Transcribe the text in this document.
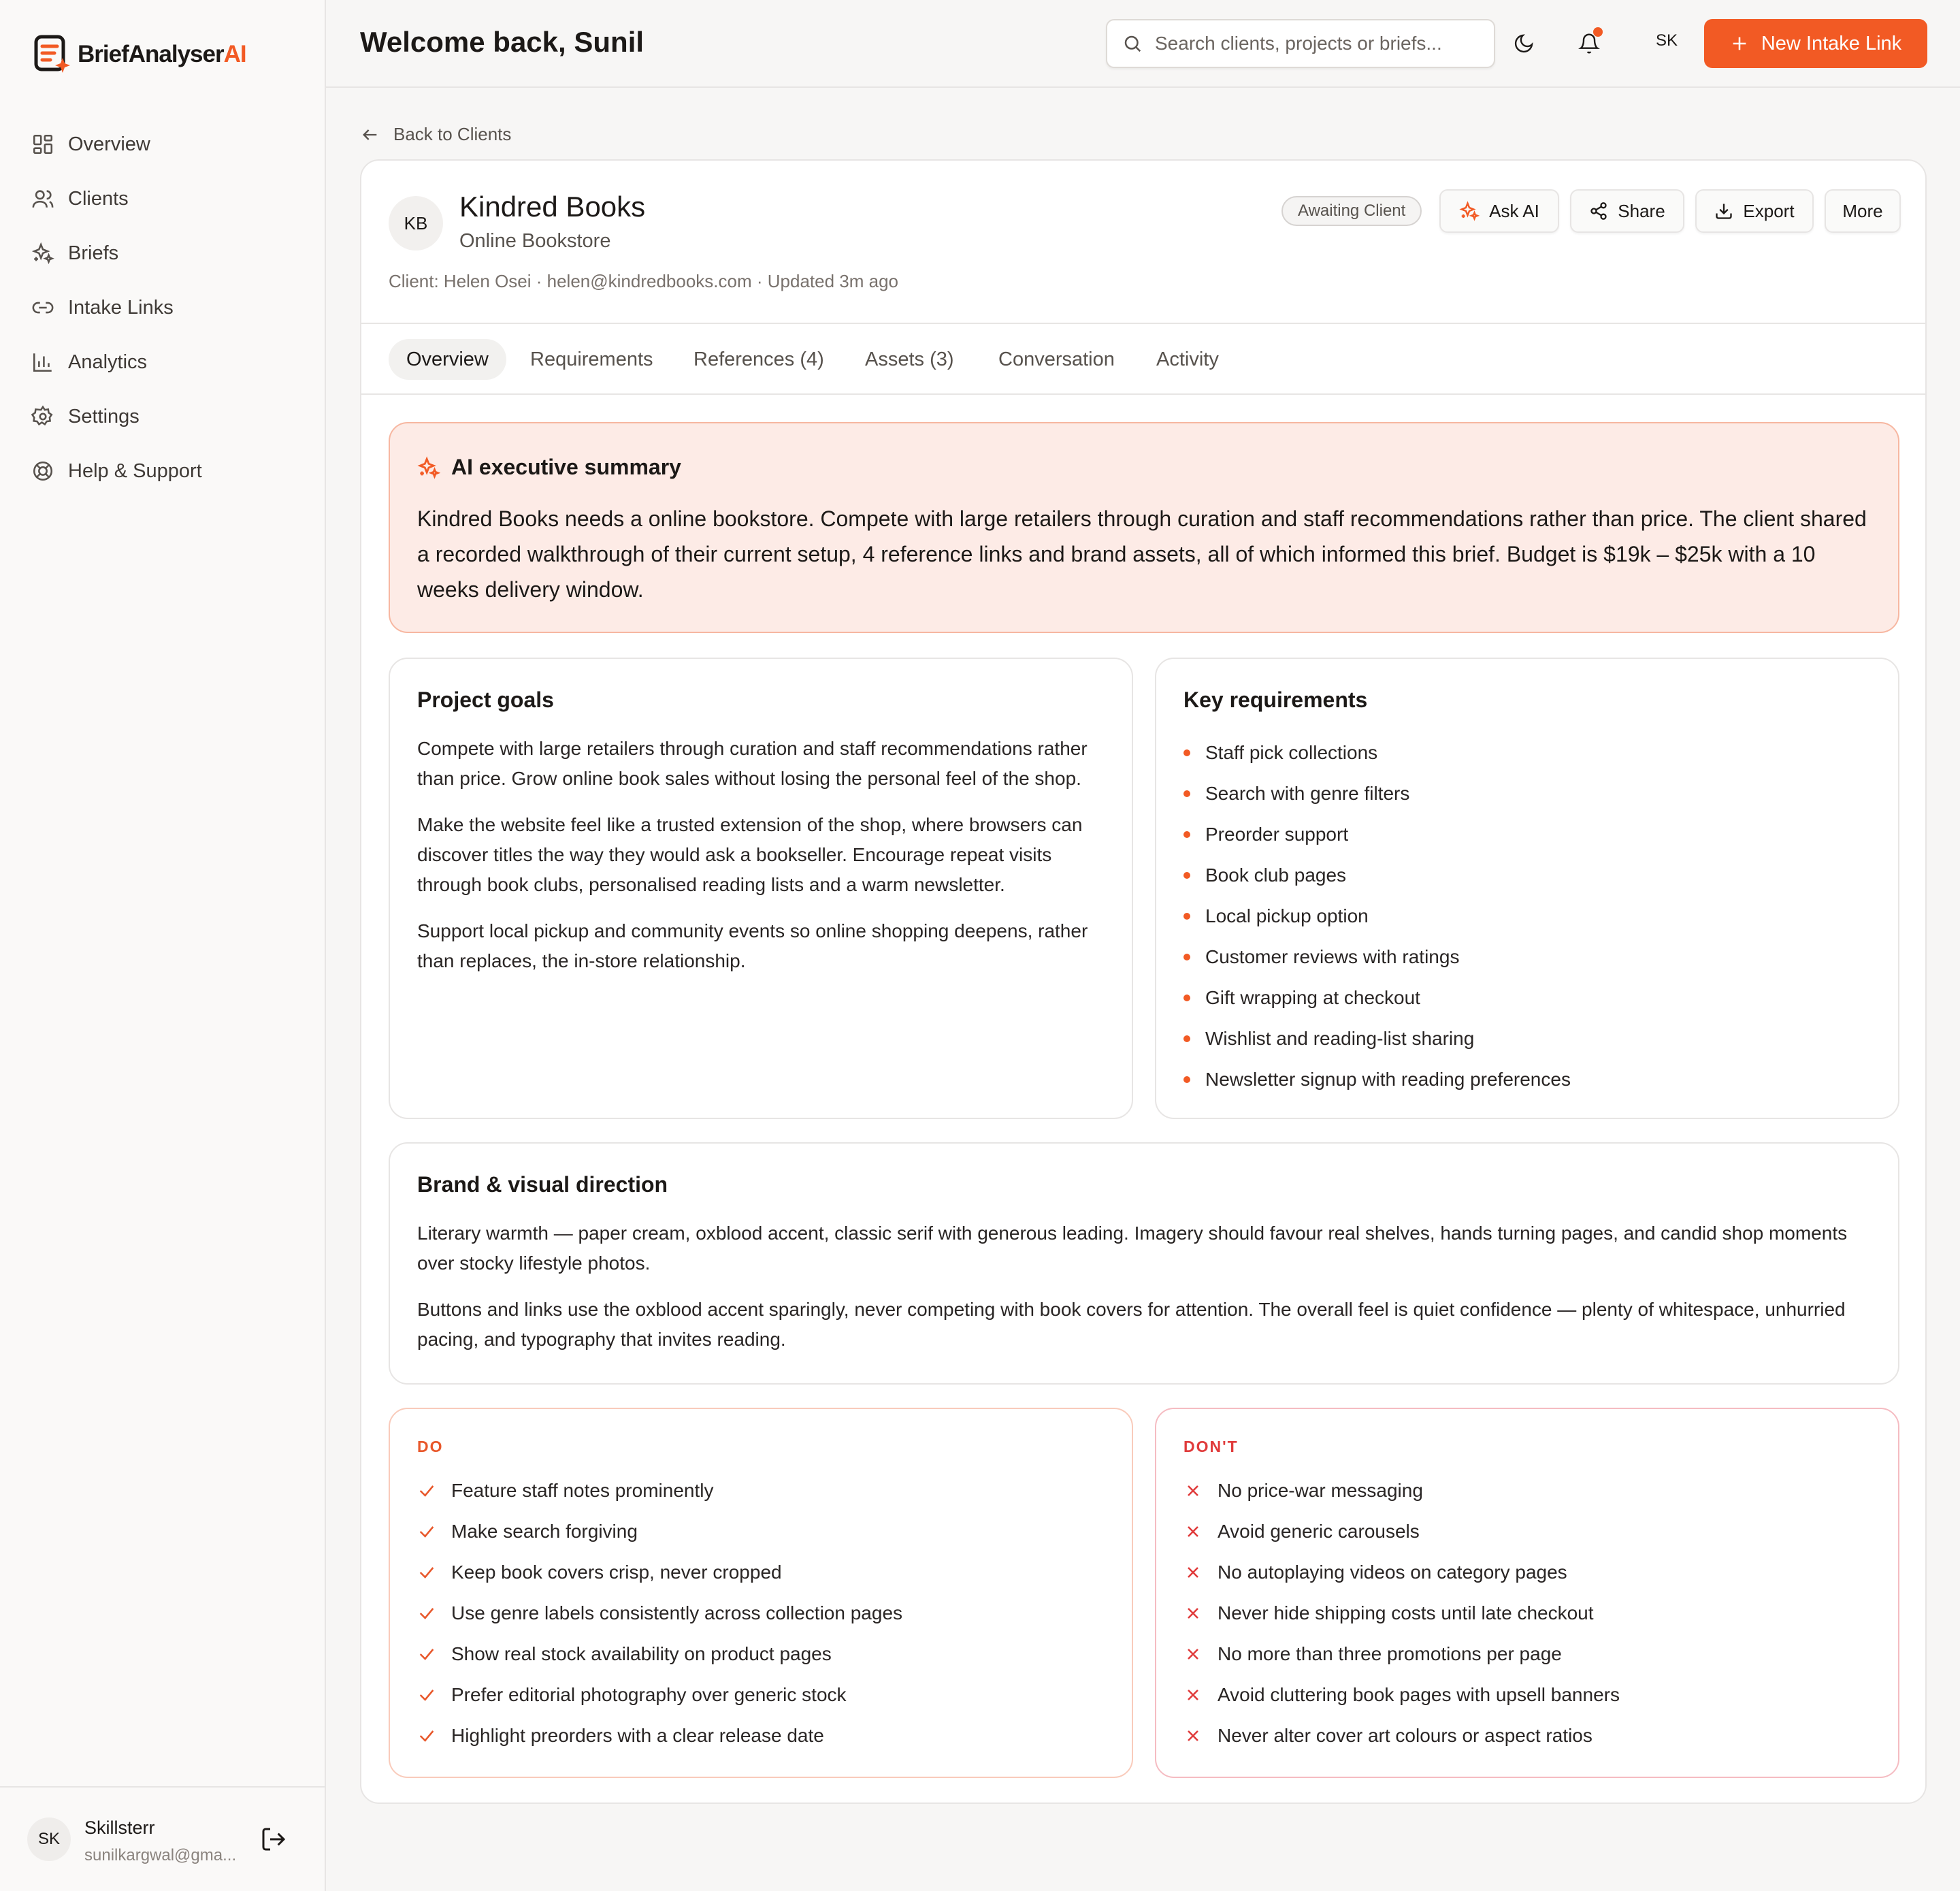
BriefAnalyserAI
Overview
Clients
Briefs
Intake Links
Analytics
Settings
Help & Support
SK
Skillsterr
sunilkargwal@gma...
Welcome back, Sunil
Search clients, projects or briefs...	SK	New Intake Link
Back to Clients
KB
Kindred Books
Online Bookstore
Client: Helen Osei · helen@kindredbooks.com · Updated 3m ago
Awaiting Client	Ask AI	Share	Export	More
Overview	Requirements References (4) Assets (3) Conversation Activity
AI executive summary

Kindred Books needs a online bookstore. Compete with large retailers through curation and staff recommendations rather than price. The client shared a recorded walkthrough of their current setup, 4 reference links and brand assets, all of which informed this brief. Budget is $19k – $25k with a 10 weeks delivery window.

Project goals

Compete with large retailers through curation and staff recommendations rather than price. Grow online book sales without losing the personal feel of the shop.

Make the website feel like a trusted extension of the shop, where browsers can discover titles the way they would ask a bookseller. Encourage repeat visits through book clubs, personalised reading lists and a warm newsletter.

Support local pickup and community events so online shopping deepens, rather than replaces, the in-store relationship.

Key requirements
Staff pick collections
Search with genre filters
Preorder support
Book club pages
Local pickup option
Customer reviews with ratings
Gift wrapping at checkout
Wishlist and reading-list sharing
Newsletter signup with reading preferences
Brand & visual direction

Literary warmth — paper cream, oxblood accent, classic serif with generous leading. Imagery should favour real shelves, hands turning pages, and candid shop moments over stocky lifestyle photos.

Buttons and links use the oxblood accent sparingly, never competing with book covers for attention. The overall feel is quiet confidence — plenty of whitespace, unhurried pacing, and typography that invites reading.

DO
Feature staff notes prominently
Make search forgiving
Keep book covers crisp, never cropped
Use genre labels consistently across collection pages
Show real stock availability on product pages
Prefer editorial photography over generic stock
Highlight preorders with a clear release date
DON'T
No price-war messaging
Avoid generic carousels
No autoplaying videos on category pages
Never hide shipping costs until late checkout
No more than three promotions per page
Avoid cluttering book pages with upsell banners
Never alter cover art colours or aspect ratios
